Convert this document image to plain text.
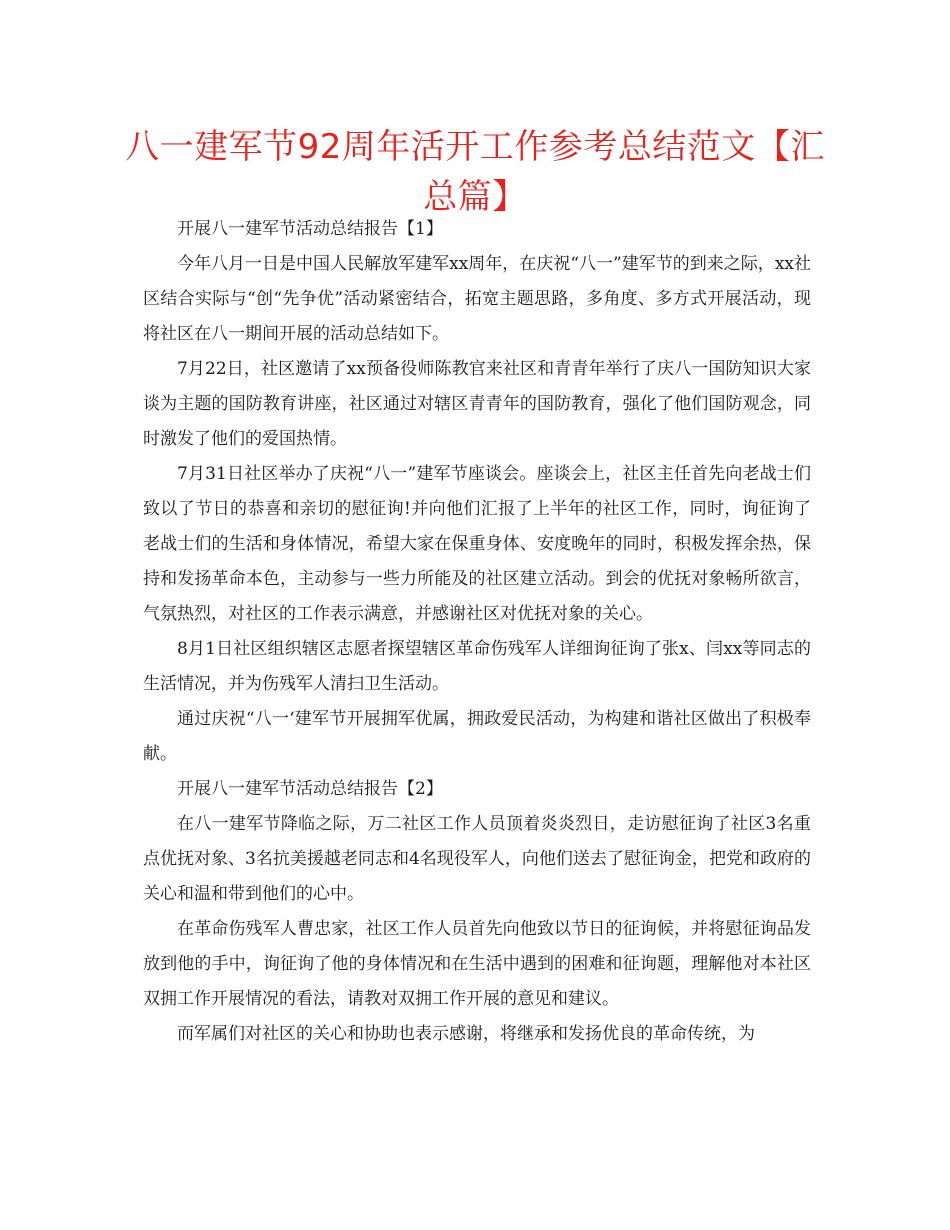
八一建军节92周年活开工作参考总结范文【汇总篇】

开展八一建军节活动总结报告【1】

今年八月一日是中国人民解放军建军xx周年，在庆祝“八一”建军节的到来之际，xx社区结合实际与“创“先争优”活动紧密结合，拓宽主题思路，多角度、多方式开展活动，现将社区在八一期间开展的活动总结如下。

7月22日，社区邀请了xx预备役师陈教官来社区和青青年举行了庆八一国防知识大家谈为主题的国防教育讲座，社区通过对辖区青青年的国防教育，强化了他们国防观念，同时激发了他们的爱国热情。

7月31日社区举办了庆祝“八一”建军节座谈会。座谈会上，社区主任首先向老战士们致以了节日的恭喜和亲切的慰征询!并向他们汇报了上半年的社区工作，同时，询征询了老战士们的生活和身体情况，希望大家在保重身体、安度晚年的同时，积极发挥余热，保持和发扬革命本色，主动参与一些力所能及的社区建立活动。到会的优抚对象畅所欲言，气氛热烈，对社区的工作表示满意，并感谢社区对优抚对象的关心。

8月1日社区组织辖区志愿者探望辖区革命伤残军人详细询征询了张x、闫xx等同志的生活情况，并为伤残军人清扫卫生活动。

通过庆祝“八一‘建军节开展拥军优属，拥政爱民活动，为构建和谐社区做出了积极奉献。

开展八一建军节活动总结报告【2】

在八一建军节降临之际，万二社区工作人员顶着炎炎烈日，走访慰征询了社区3名重点优抚对象、3名抗美援越老同志和4名现役军人，向他们送去了慰征询金，把党和政府的关心和温和带到他们的心中。

在革命伤残军人曹忠家，社区工作人员首先向他致以节日的征询候，并将慰征询品发放到他的手中，询征询了他的身体情况和在生活中遇到的困难和征询题，理解他对本社区双拥工作开展情况的看法，请教对双拥工作开展的意见和建议。

而军属们对社区的关心和协助也表示感谢，将继承和发扬优良的革命传统，为
